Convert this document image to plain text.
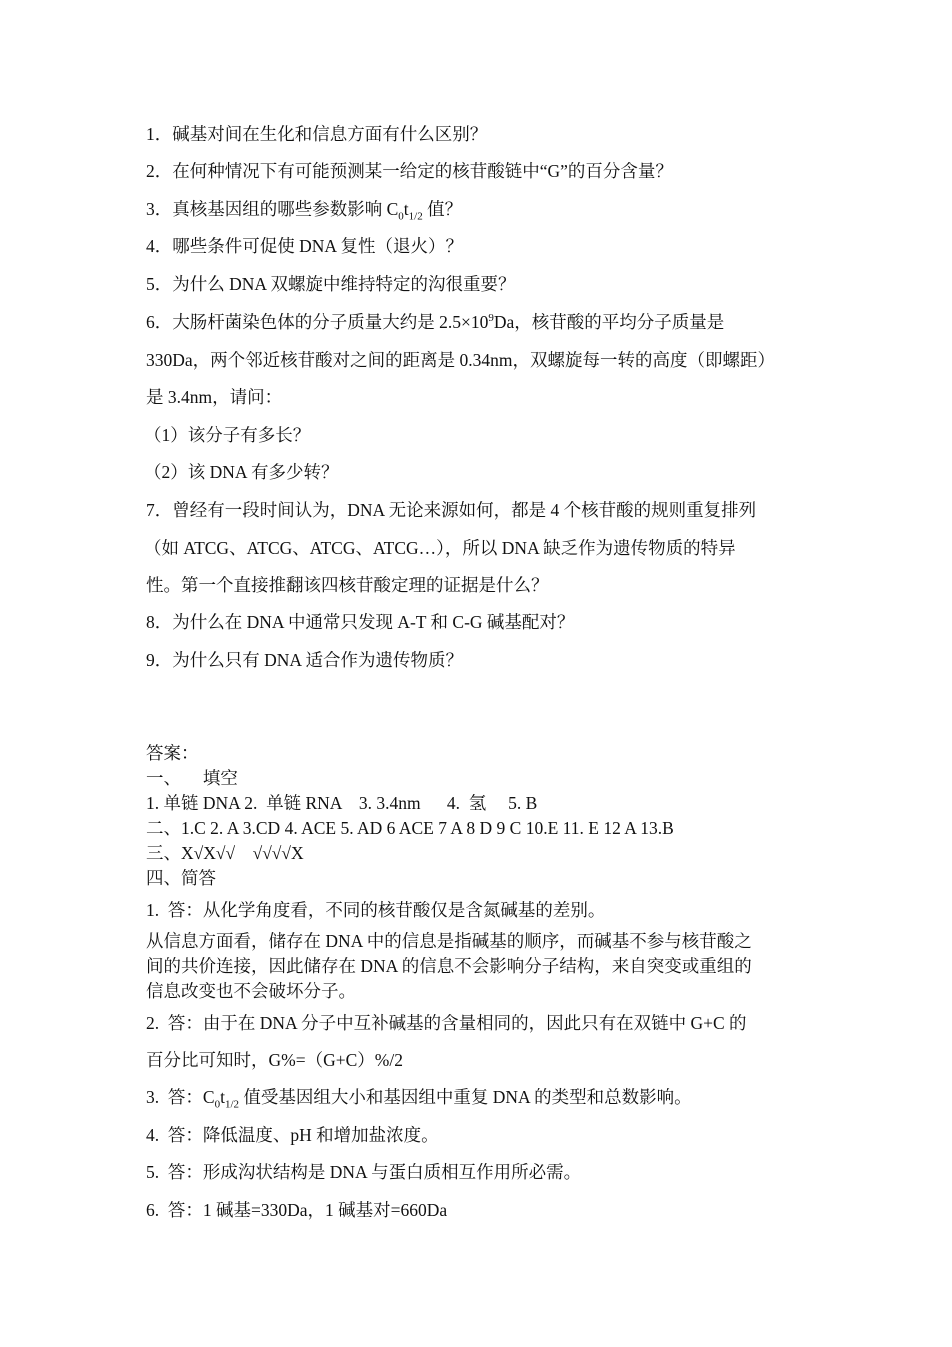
1．碱基对间在生化和信息方面有什么区别？

2．在何种情况下有可能预测某一给定的核苷酸链中“G”的百分含量？

3．真核基因组的哪些参数影响 $C_0t_{1/2}$ 值？

4．哪些条件可促使 DNA 复性（退火）？

5．为什么 DNA 双螺旋中维持特定的沟很重要？

6．大肠杆菌染色体的分子质量大约是 $2.5\times 10^9Da$，核苷酸的平均分子质量是

330Da，两个邻近核苷酸对之间的距离是 0.34nm，双螺旋每一转的高度（即螺距）

是 3.4nm，请问：

（1）该分子有多长？

（2）该 DNA 有多少转？

7．曾经有一段时间认为，DNA 无论来源如何，都是 4 个核苷酸的规则重复排列

（如 ATCG、ATCG、ATCG、ATCG…），所以 DNA 缺乏作为遗传物质的特异

性。第一个直接推翻该四核苷酸定理的证据是什么？

8．为什么在 DNA 中通常只发现 A-T 和 C-G 碱基配对？

9．为什么只有 DNA 适合作为遗传物质？

答案：

一、     填空

1. 单链 DNA 2.  单链 RNA    3. 3.4nm      4.  氢     5. B

二、1.C 2. A 3.CD 4. ACE 5. AD 6 ACE 7 A 8 D 9 C 10.E 11. E 12 A 13.B

三、X√X√√    √√√√X

四、简答

1.  答：从化学角度看，不同的核苷酸仅是含氮碱基的差别。

从信息方面看，储存在 DNA 中的信息是指碱基的顺序，而碱基不参与核苷酸之

间的共价连接，因此储存在 DNA 的信息不会影响分子结构，来自突变或重组的

信息改变也不会破坏分子。

2.  答：由于在 DNA 分子中互补碱基的含量相同的，因此只有在双链中 G+C 的

百分比可知时，G%=（G+C）%/2

3.  答：$C_0t_{1/2}$ 值受基因组大小和基因组中重复 DNA 的类型和总数影响。

4.  答：降低温度、pH 和增加盐浓度。

5.  答：形成沟状结构是 DNA 与蛋白质相互作用所必需。

6.  答：1 碱基=330Da，1 碱基对=660Da
